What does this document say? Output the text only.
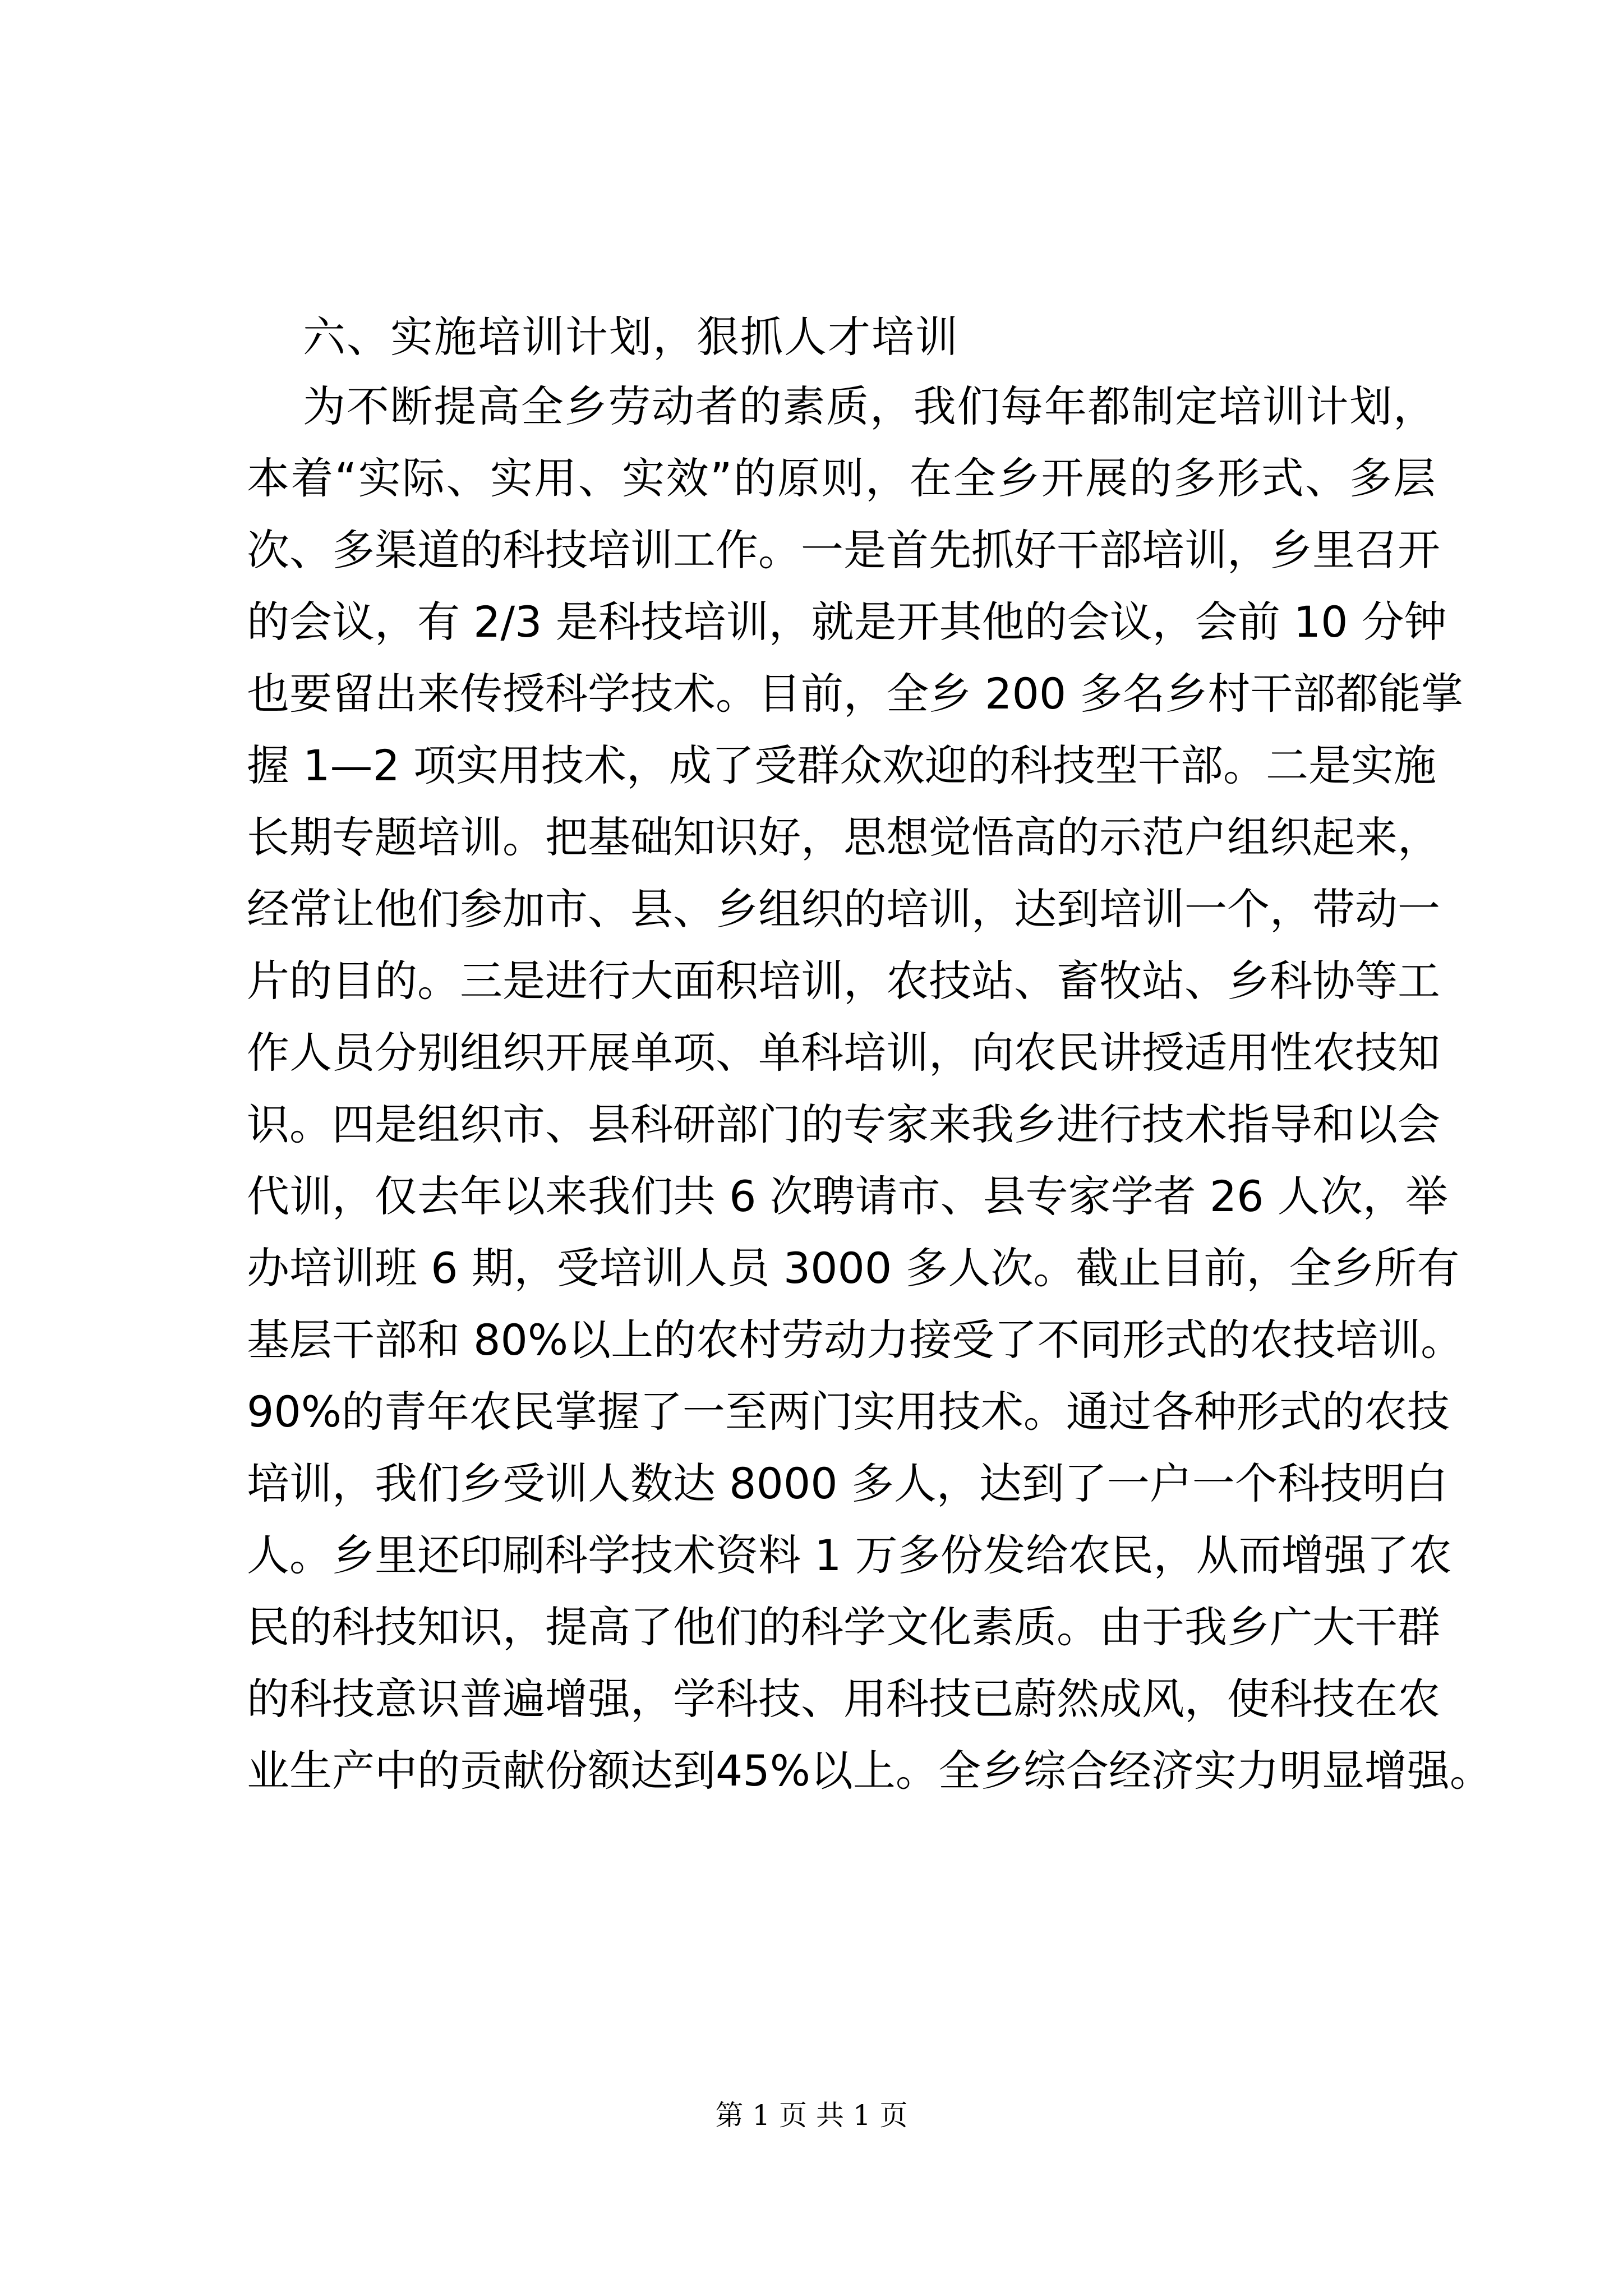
六、实施培训计划，狠抓人才培训
为不断提高全乡劳动者的素质，我们每年都制定培训计划，
本着“实际、实用、实效”的原则，在全乡开展的多形式、多层
次、多渠道的科技培训工作。一是首先抓好干部培训，乡里召开
的会议，有 2/3 是科技培训，就是开其他的会议，会前 10 分钟
也要留出来传授科学技术。目前，全乡 200 多名乡村干部都能掌
握 1—2 项实用技术，成了受群众欢迎的科技型干部。二是实施
长期专题培训。把基础知识好，思想觉悟高的示范户组织起来，
经常让他们参加市、县、乡组织的培训，达到培训一个，带动一
片的目的。三是进行大面积培训，农技站、畜牧站、乡科协等工
作人员分别组织开展单项、单科培训，向农民讲授适用性农技知
识。四是组织市、县科研部门的专家来我乡进行技术指导和以会
代训，仅去年以来我们共 6 次聘请市、县专家学者 26 人次，举
办培训班 6 期，受培训人员 3000 多人次。截止目前，全乡所有
基层干部和 80%以上的农村劳动力接受了不同形式的农技培训。
90%的青年农民掌握了一至两门实用技术。通过各种形式的农技
培训，我们乡受训人数达 8000 多人，达到了一户一个科技明白
人。乡里还印刷科学技术资料 1 万多份发给农民，从而增强了农
民的科技知识，提高了他们的科学文化素质。由于我乡广大干群
的科技意识普遍增强，学科技、用科技已蔚然成风，使科技在农
业生产中的贡献份额达到45%以上。全乡综合经济实力明显增强。
第 1 页 共 1 页
